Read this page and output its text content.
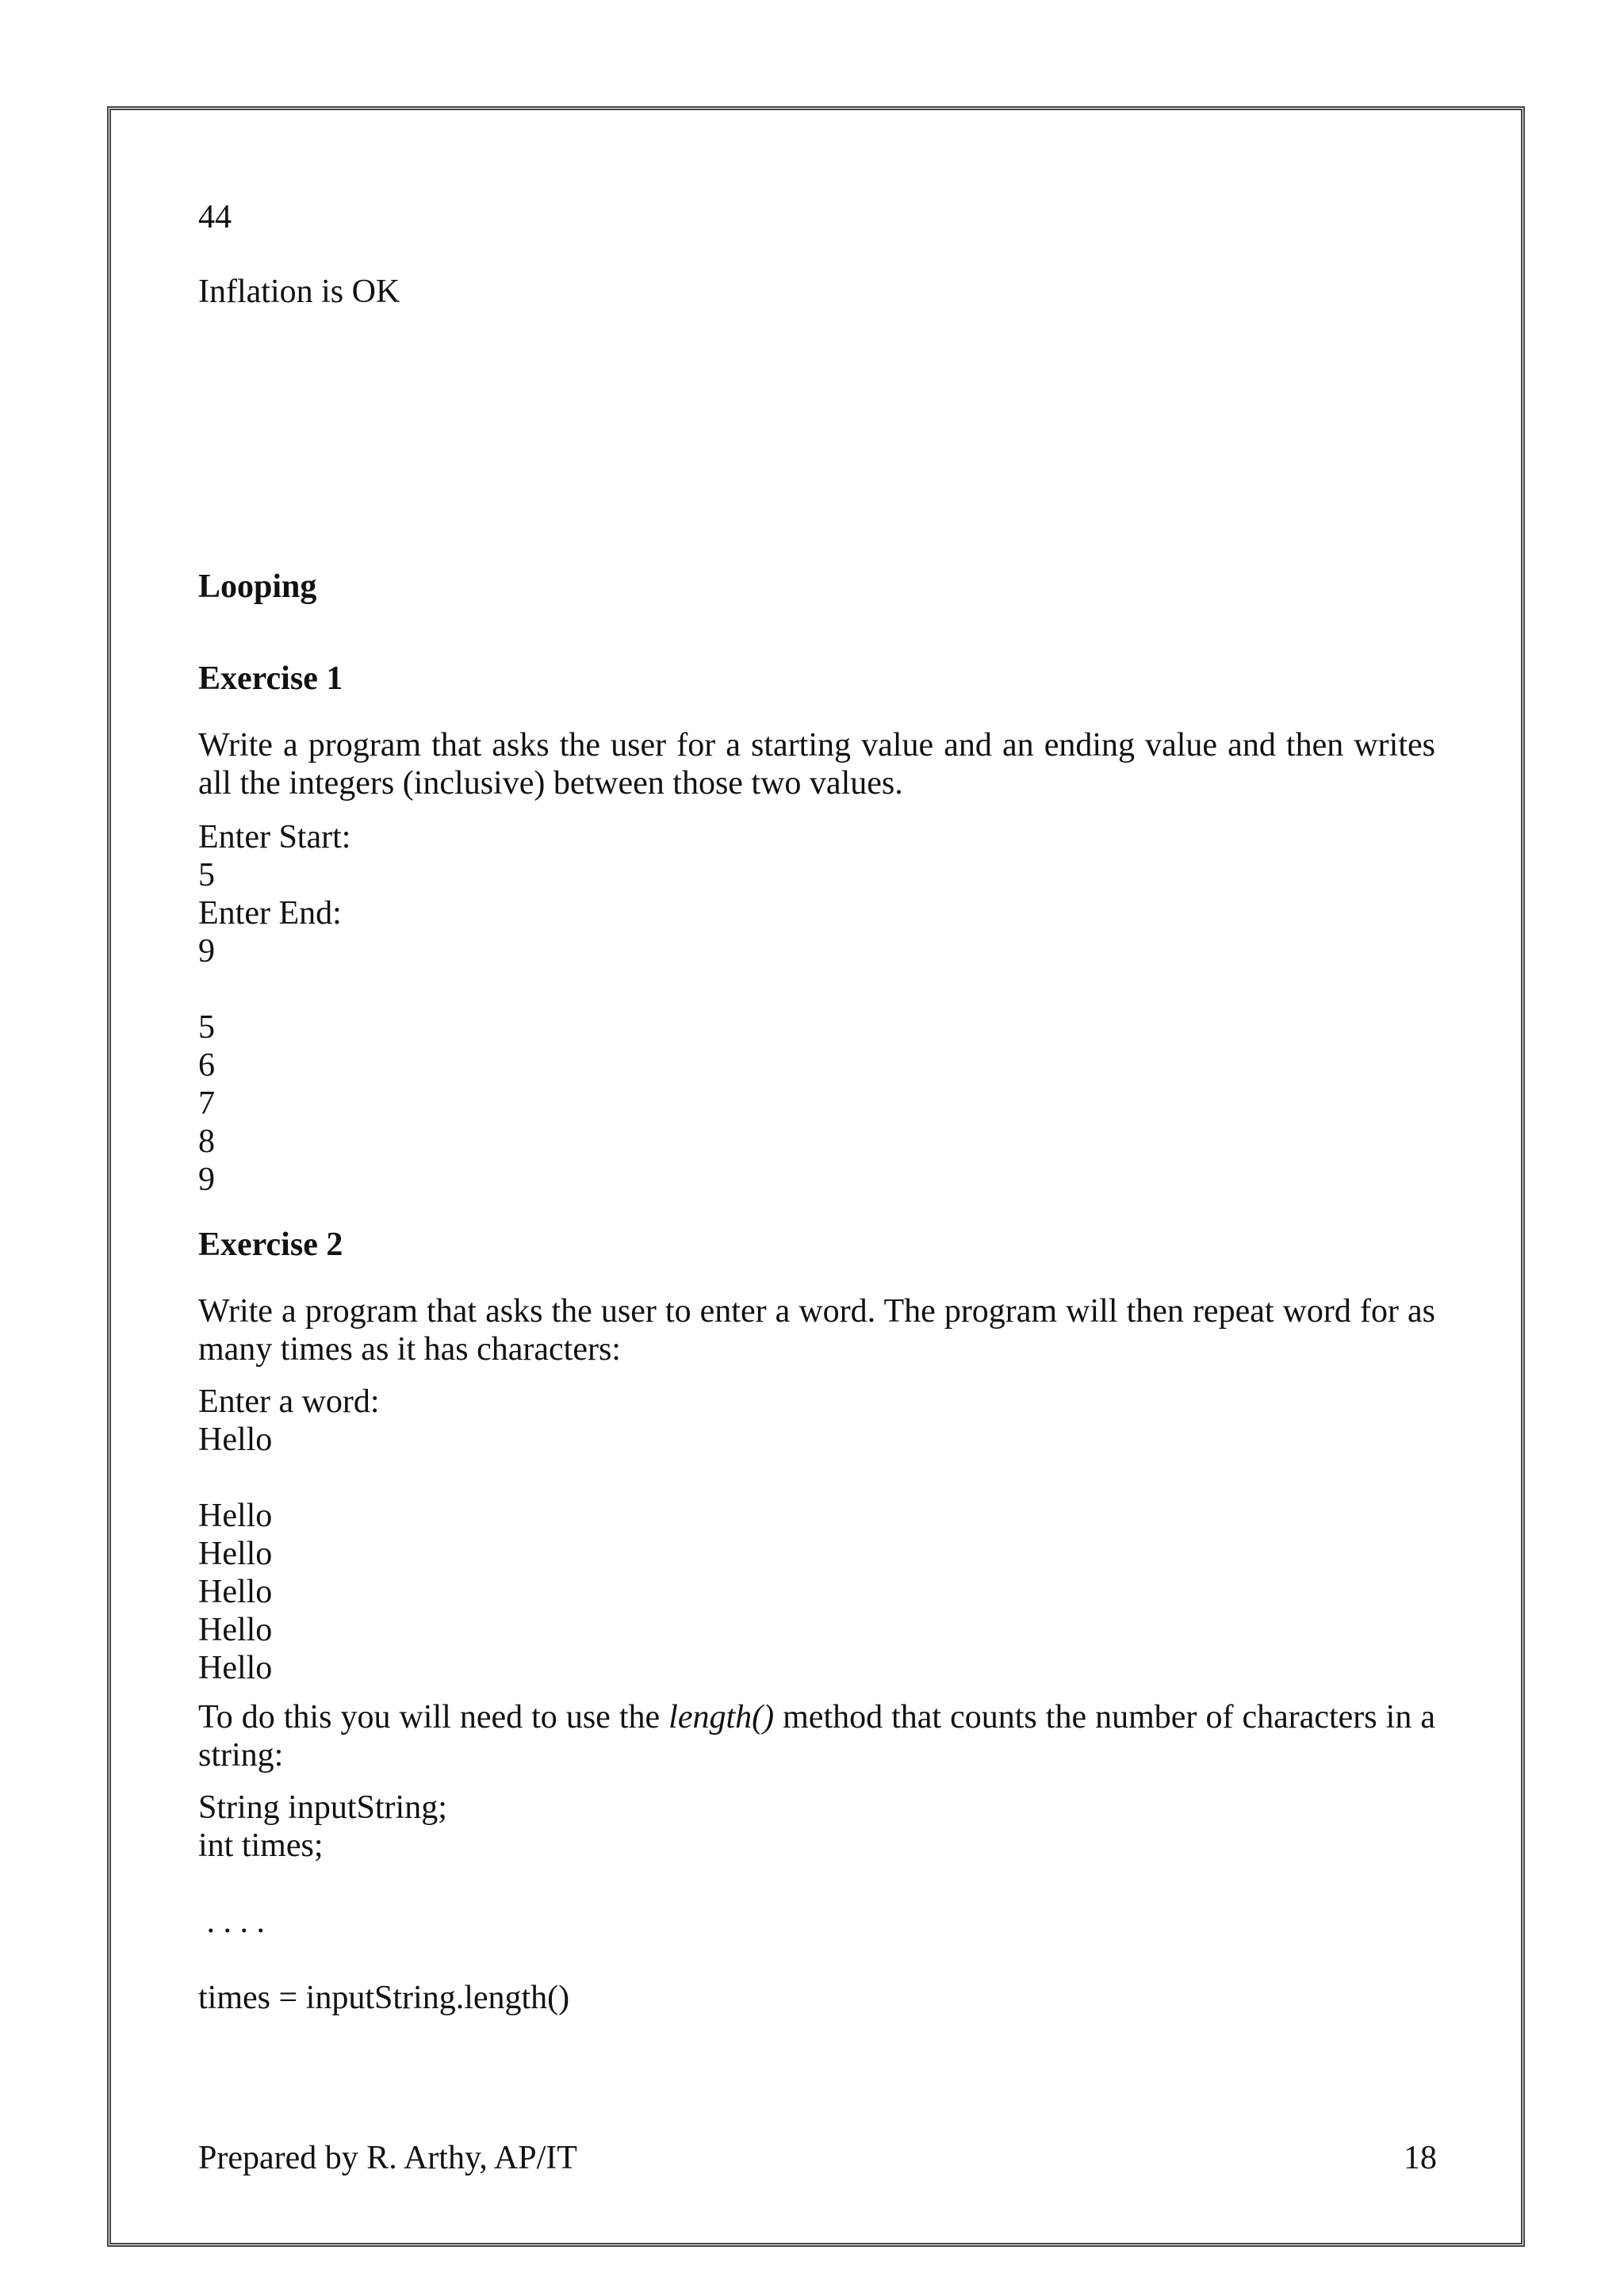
44
Inflation is OK
Looping
Exercise 1
Write a program that asks the user for a starting value and an ending value and then writes all the integers (inclusive) between those two values.
Enter Start:
5
Enter End:
9
5
6
7
8
9
Exercise 2
Write a program that asks the user to enter a word. The program will then repeat word for as many times as it has characters:
Enter a word:
Hello
Hello
Hello
Hello
Hello
Hello
To do this you will need to use the length() method that counts the number of characters in a string:
String inputString;
int times;
. . . .
times = inputString.length()
Prepared by R. Arthy, AP/IT	18
